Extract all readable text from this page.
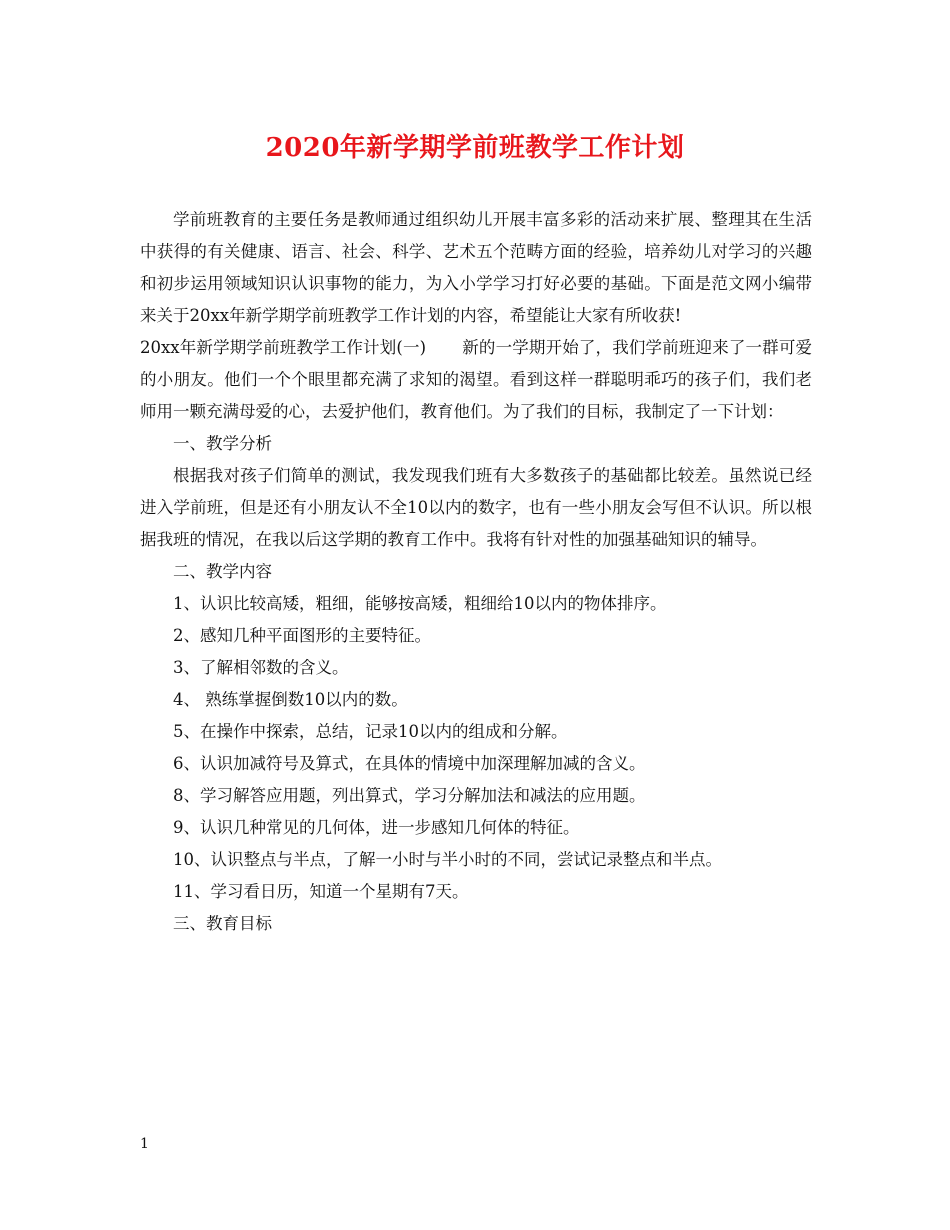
2020年新学期学前班教学工作计划

学前班教育的主要任务是教师通过组织幼儿开展丰富多彩的活动来扩展、整理其在生活中获得的有关健康、语言、社会、科学、艺术五个范畴方面的经验，培养幼儿对学习的兴趣和初步运用领域知识认识事物的能力，为入小学学习打好必要的基础。下面是范文网小编带来关于20xx年新学期学前班教学工作计划的内容，希望能让大家有所收获!

20xx年新学期学前班教学工作计划(一) 新的一学期开始了，我们学前班迎来了一群可爱的小朋友。他们一个个眼里都充满了求知的渴望。看到这样一群聪明乖巧的孩子们，我们老师用一颗充满母爱的心，去爱护他们，教育他们。为了我们的目标，我制定了一下计划：

一、教学分析

根据我对孩子们简单的测试，我发现我们班有大多数孩子的基础都比较差。虽然说已经进入学前班，但是还有小朋友认不全10以内的数字，也有一些小朋友会写但不认识。所以根据我班的情况，在我以后这学期的教育工作中。我将有针对性的加强基础知识的辅导。

二、教学内容

1、认识比较高矮，粗细，能够按高矮，粗细给10以内的物体排序。

2、感知几种平面图形的主要特征。

3、了解相邻数的含义。

4、 熟练掌握倒数10以内的数。

5、在操作中探索，总结，记录10以内的组成和分解。

6、认识加减符号及算式，在具体的情境中加深理解加减的含义。

8、学习解答应用题，列出算式，学习分解加法和减法的应用题。

9、认识几种常见的几何体，进一步感知几何体的特征。

10、认识整点与半点，了解一小时与半小时的不同，尝试记录整点和半点。

11、学习看日历，知道一个星期有7天。

三、教育目标

1
